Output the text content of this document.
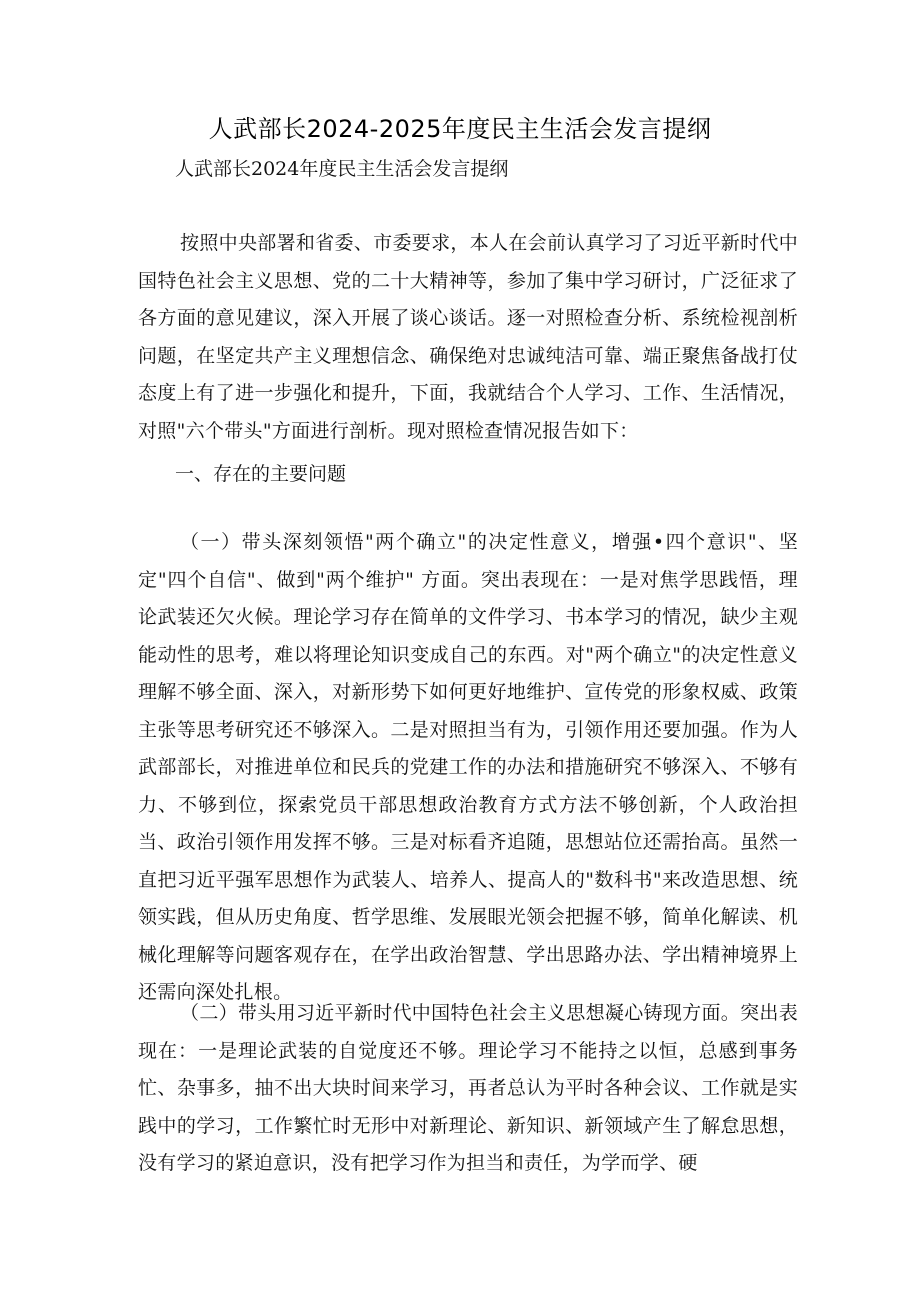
人武部长2024-2025年度民主生活会发言提纲
人武部长2024年度民主生活会发言提纲

按照中央部署和省委、市委要求，本人在会前认真学习了习近平新时代中国特色社会主义思想、党的二十大精神等，参加了集中学习研讨，广泛征求了各方面的意见建议，深入开展了谈心谈话。逐一对照检查分析、系统检视剖析问题，在坚定共产主义理想信念、确保绝对忠诚纯洁可靠、端正聚焦备战打仗态度上有了进一步强化和提升，下面，我就结合个人学习、工作、生活情况，对照"六个带头"方面进行剖析。现对照检查情况报告如下：

一、存在的主要问题

（一）带头深刻领悟"两个确立"的决定性意义，增强•四个意识"、坚定"四个自信"、做到"两个维护" 方面。突出表现在：一是对焦学思践悟，理论武装还欠火候。理论学习存在简单的文件学习、书本学习的情况，缺少主观能动性的思考，难以将理论知识变成自己的东西。对"两个确立"的决定性意义理解不够全面、深入，对新形势下如何更好地维护、宣传党的形象权威、政策主张等思考研究还不够深入。二是对照担当有为，引领作用还要加强。作为人武部部长，对推进单位和民兵的党建工作的办法和措施研究不够深入、不够有力、不够到位，探索党员干部思想政治教育方式方法不够创新，个人政治担当、政治引领作用发挥不够。三是对标看齐追随，思想站位还需抬高。虽然一直把习近平强军思想作为武装人、培养人、提高人的"数科书"来改造思想、统领实践，但从历史角度、哲学思维、发展眼光领会把握不够，简单化解读、机械化理解等问题客观存在，在学出政治智慧、学出思路办法、学出精神境界上还需向深处扎根。

（二）带头用习近平新时代中国特色社会主义思想凝心铸现方面。突出表现在：一是理论武装的自觉度还不够。理论学习不能持之以恒，总感到事务忙、杂事多，抽不出大块时间来学习，再者总认为平时各种会议、工作就是实践中的学习，工作繁忙时无形中对新理论、新知识、新领域产生了解怠思想，没有学习的紧迫意识，没有把学习作为担当和责任，为学而学、硬
